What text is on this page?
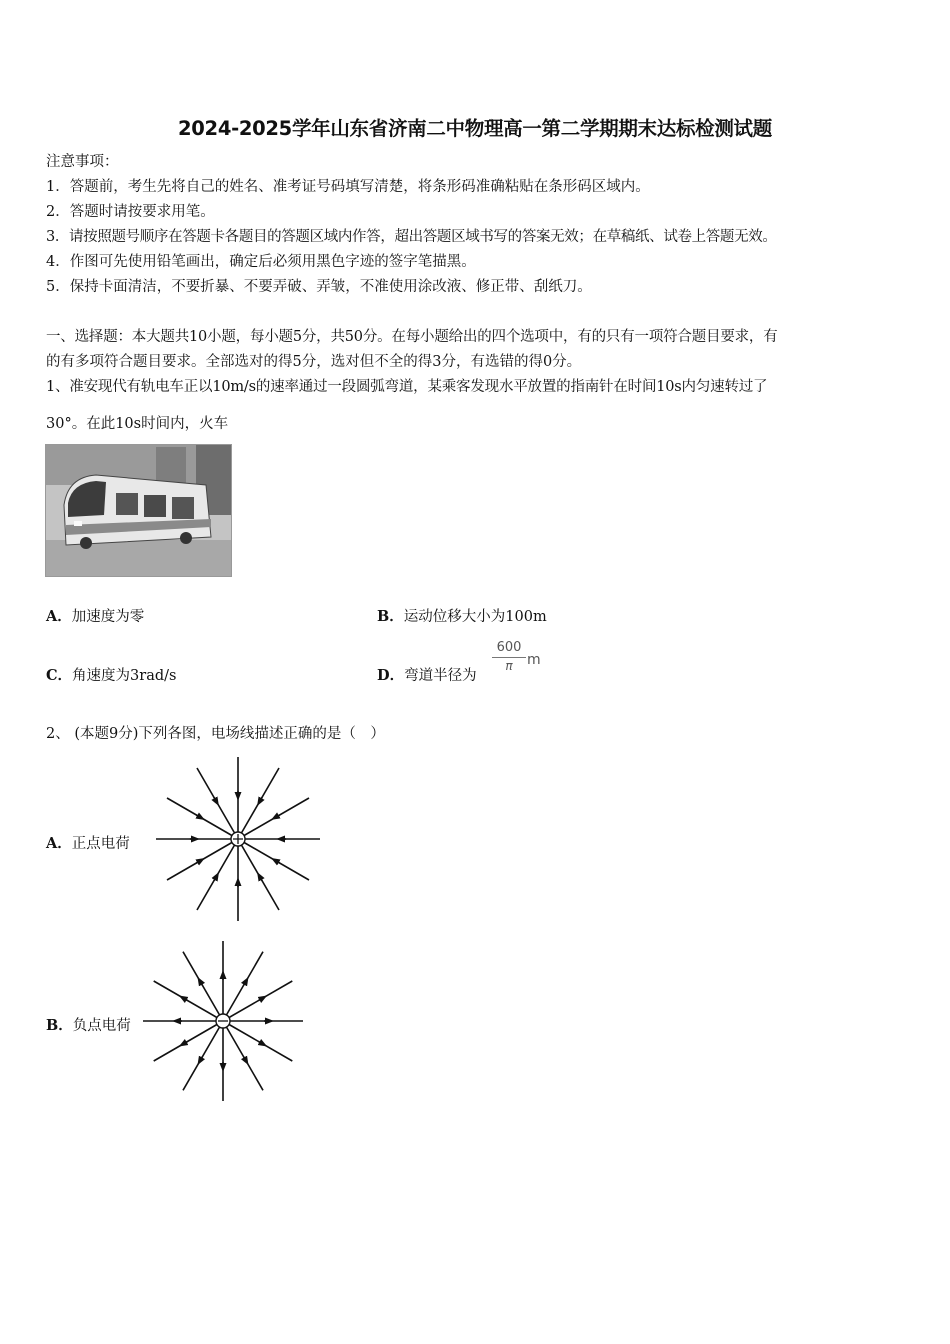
2024-2025学年山东省济南二中物理高一第二学期期末达标检测试题
注意事项：
1．答题前，考生先将自己的姓名、准考证号码填写清楚，将条形码准确粘贴在条形码区域内。
2．答题时请按要求用笔。
3．请按照题号顺序在答题卡各题目的答题区域内作答，超出答题区域书写的答案无效；在草稿纸、试卷上答题无效。
4．作图可先使用铅笔画出，确定后必须用黑色字迹的签字笔描黑。
5．保持卡面清洁，不要折暴、不要弄破、弄皱，不准使用涂改液、修正带、刮纸刀。
一、选择题：本大题共10小题，每小题5分，共50分。在每小题给出的四个选项中，有的只有一项符合题目要求，有
的有多项符合题目要求。全部选对的得5分，选对但不全的得3分，有选错的得0分。
1、准安现代有轨电车正以10m/s的速率通过一段圆弧弯道，某乘客发现水平放置的指南针在时间10s内匀速转过了
30°。在此10s时间内，火车
A．加速度为零	B．运动位移大小为100m
C．角速度为3rad/s	D．弯道半径为
$\frac{600}{\pi}$ m
2、 (本题9分)下列各图，电场线描述正确的是（　）
A．正点电荷
B．负点电荷
